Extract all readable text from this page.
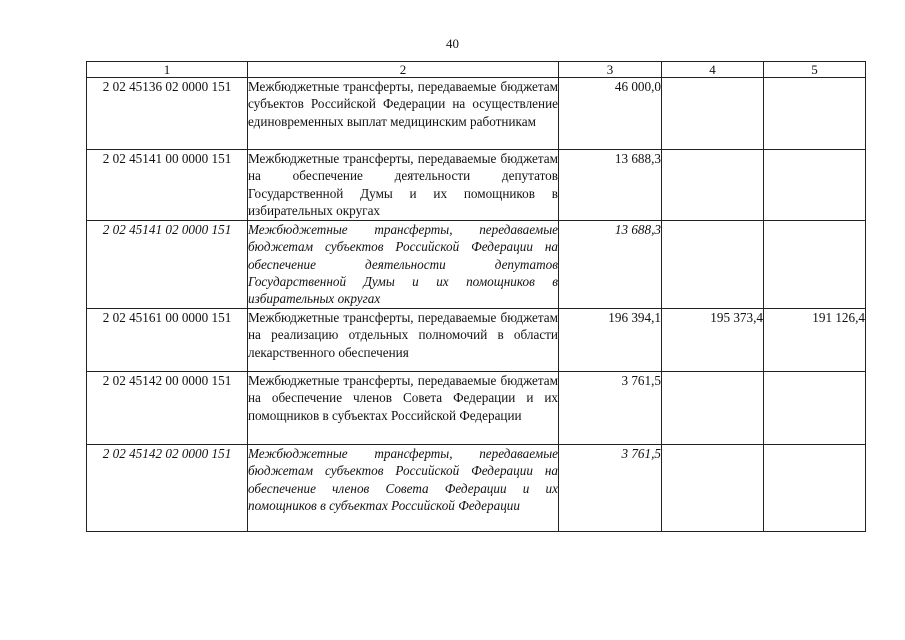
40
1	2	3	4	5
2 02 45136 02 0000 151	Межбюджетные трансферты, передаваемые бюджетам субъектов Российской Федерации на осуществление единовременных выплат медицинским работникам	46 000,0		
2 02 45141 00 0000 151	Межбюджетные трансферты, передаваемые бюджетам на обеспечение деятельности депутатов Государственной Думы и их помощников в избирательных округах	13 688,3		
2 02 45141 02 0000 151	Межбюджетные трансферты, передаваемые бюджетам субъектов Российской Федерации на обеспечение деятельности депутатов Государственной Думы и их помощников в избирательных округах	13 688,3		
2 02 45161 00 0000 151	Межбюджетные трансферты, передаваемые бюджетам на реализацию отдельных полномочий в области лекарственного обеспечения	196 394,1	195 373,4	191 126,4
2 02 45142 00 0000 151	Межбюджетные трансферты, передаваемые бюджетам на обеспечение членов Совета Федерации и их помощников в субъектах Российской Федерации	3 761,5		
2 02 45142 02 0000 151	Межбюджетные трансферты, передаваемые бюджетам субъектов Российской Федерации на обеспечение членов Совета Федерации и их помощников в субъектах Российской Федерации	3 761,5		
